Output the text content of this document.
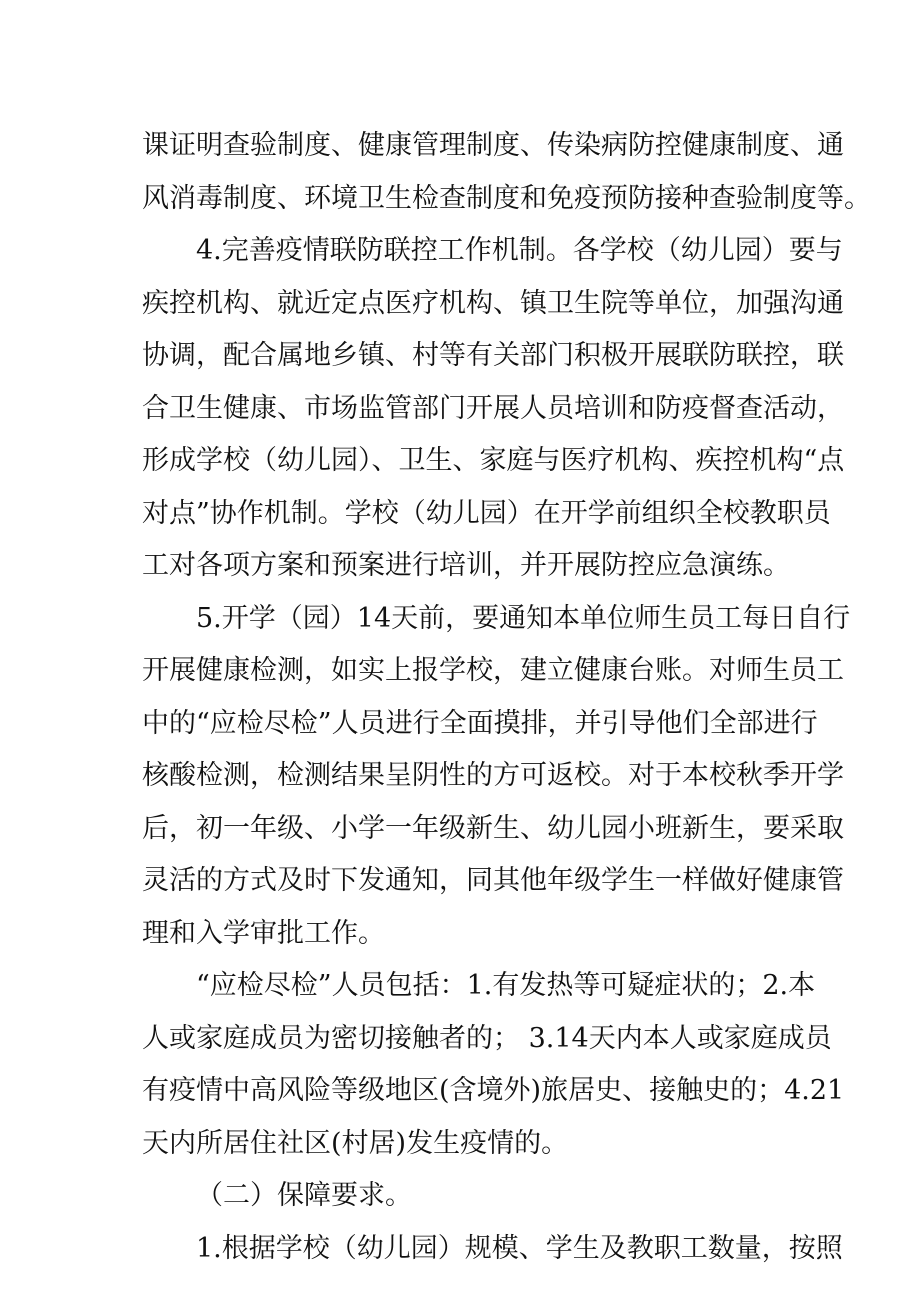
课证明查验制度、健康管理制度、传染病防控健康制度、通
风消毒制度、环境卫生检查制度和免疫预防接种查验制度等。
4.完善疫情联防联控工作机制。各学校（幼儿园）要与
疾控机构、就近定点医疗机构、镇卫生院等单位，加强沟通
协调，配合属地乡镇、村等有关部门积极开展联防联控，联
合卫生健康、市场监管部门开展人员培训和防疫督查活动，
形成学校（幼儿园）、卫生、家庭与医疗机构、疾控机构“点
对点”协作机制。学校（幼儿园）在开学前组织全校教职员
工对各项方案和预案进行培训，并开展防控应急演练。
5.开学（园）14天前，要通知本单位师生员工每日自行
开展健康检测，如实上报学校，建立健康台账。对师生员工
中的“应检尽检”人员进行全面摸排，并引导他们全部进行
核酸检测，检测结果呈阴性的方可返校。对于本校秋季开学
后，初一年级、小学一年级新生、幼儿园小班新生，要采取
灵活的方式及时下发通知，同其他年级学生一样做好健康管
理和入学审批工作。
“应检尽检”人员包括：1.有发热等可疑症状的；2.本
人或家庭成员为密切接触者的； 3.14天内本人或家庭成员
有疫情中高风险等级地区(含境外)旅居史、接触史的；4.21
天内所居住社区(村居)发生疫情的。
（二）保障要求。
1.根据学校（幼儿园）规模、学生及教职工数量，按照
